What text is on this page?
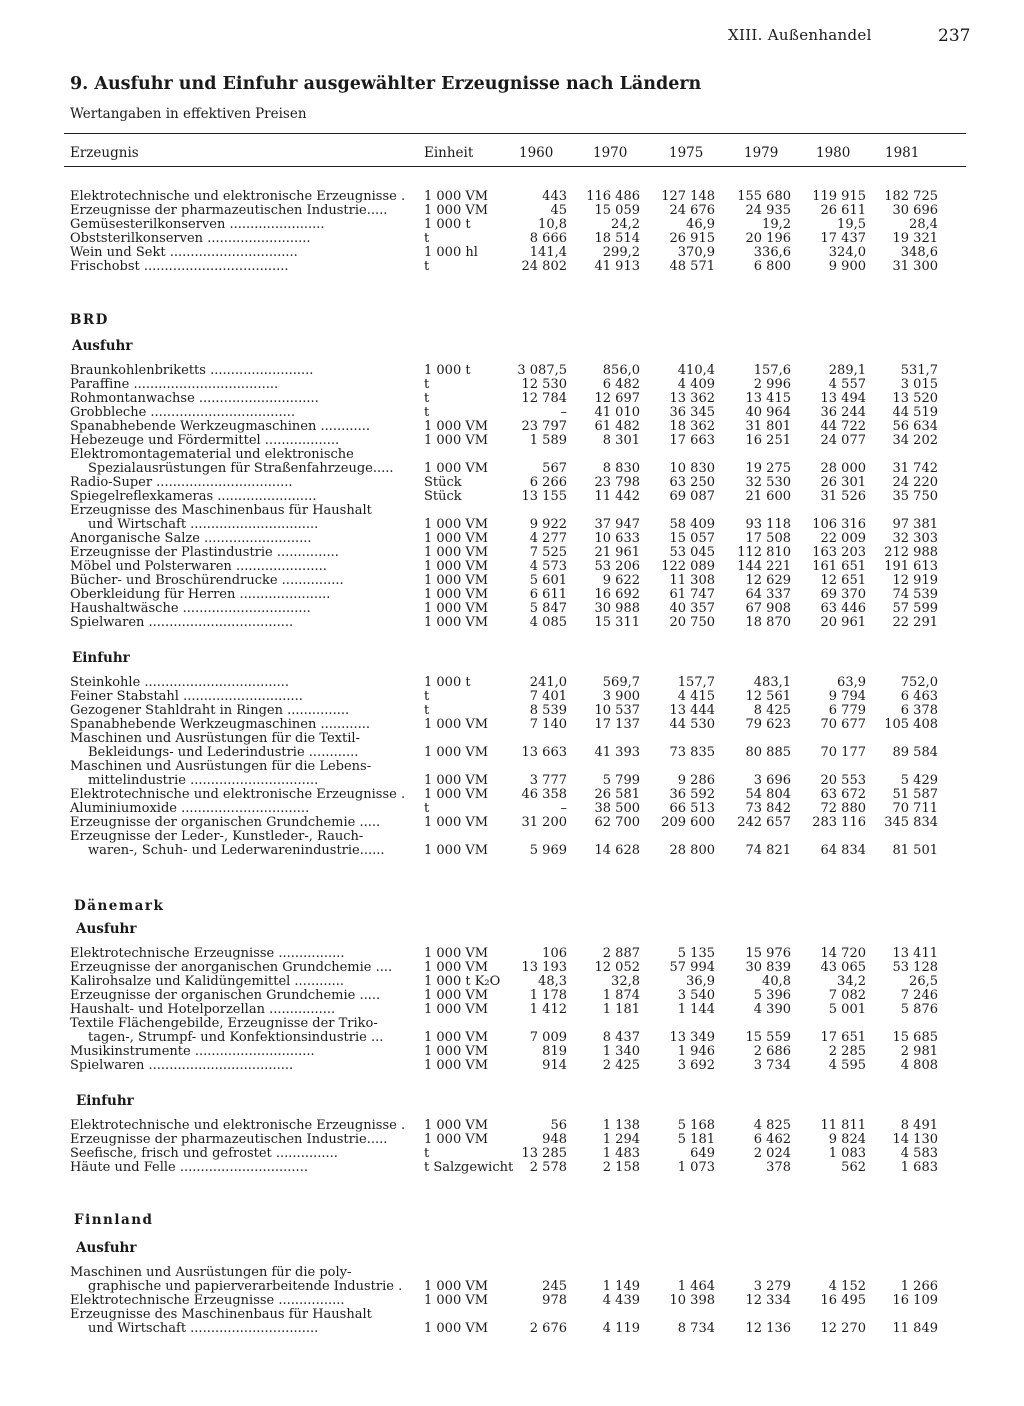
XIII. Außenhandel	237
9. Ausfuhr und Einfuhr ausgewählter Erzeugnisse nach Ländern
Wertangaben in effektiven Preisen
Erzeugnis	Einheit	1960	1970	1975	1979	1980	1981
Elektrotechnische und elektronische Erzeugnisse .	1 000 VM	443	116 486	127 148	155 680	119 915	182 725
Erzeugnisse der pharmazeutischen Industrie.....	1 000 VM	45	15 059	24 676	24 935	26 611	30 696
Gemüsesterilkonserven .......................	1 000 t	10,8	24,2	46,9	19,2	19,5	28,4
Obststerilkonserven .........................	t	8 666	18 514	26 915	20 196	17 437	19 321
Wein und Sekt ...............................	1 000 hl	141,4	299,2	370,9	336,6	324,0	348,6
Frischobst ...................................	t	24 802	41 913	48 571	6 800	9 900	31 300
BRD
Ausfuhr
Braunkohlenbriketts .........................	1 000 t	3 087,5	856,0	410,4	157,6	289,1	531,7
Paraffine ...................................	t	12 530	6 482	4 409	2 996	4 557	3 015
Rohmontanwachse .............................	t	12 784	12 697	13 362	13 415	13 494	13 520
Grobbleche ...................................	t	–	41 010	36 345	40 964	36 244	44 519
Spanabhebende Werkzeugmaschinen ............	1 000 VM	23 797	61 482	18 362	31 801	44 722	56 634
Hebezeuge und Fördermittel ..................	1 000 VM	1 589	8 301	17 663	16 251	24 077	34 202
Elektromontagematerial und elektronische
Spezialausrüstungen für Straßenfahrzeuge.....	1 000 VM	567	8 830	10 830	19 275	28 000	31 742
Radio-Super .................................	Stück	6 266	23 798	63 250	32 530	26 301	24 220
Spiegelreflexkameras ........................	Stück	13 155	11 442	69 087	21 600	31 526	35 750
Erzeugnisse des Maschinenbaus für Haushalt
und Wirtschaft ...............................	1 000 VM	9 922	37 947	58 409	93 118	106 316	97 381
Anorganische Salze ..........................	1 000 VM	4 277	10 633	15 057	17 508	22 009	32 303
Erzeugnisse der Plastindustrie ...............	1 000 VM	7 525	21 961	53 045	112 810	163 203	212 988
Möbel und Polsterwaren ......................	1 000 VM	4 573	53 206	122 089	144 221	161 651	191 613
Bücher- und Broschürendrucke ...............	1 000 VM	5 601	9 622	11 308	12 629	12 651	12 919
Oberkleidung für Herren ......................	1 000 VM	6 611	16 692	61 747	64 337	69 370	74 539
Haushaltwäsche ...............................	1 000 VM	5 847	30 988	40 357	67 908	63 446	57 599
Spielwaren ...................................	1 000 VM	4 085	15 311	20 750	18 870	20 961	22 291
Einfuhr
Steinkohle ...................................	1 000 t	241,0	569,7	157,7	483,1	63,9	752,0
Feiner Stabstahl .............................	t	7 401	3 900	4 415	12 561	9 794	6 463
Gezogener Stahldraht in Ringen ...............	t	8 539	10 537	13 444	8 425	6 779	6 378
Spanabhebende Werkzeugmaschinen ............	1 000 VM	7 140	17 137	44 530	79 623	70 677	105 408
Maschinen und Ausrüstungen für die Textil-
Bekleidungs- und Lederindustrie ............	1 000 VM	13 663	41 393	73 835	80 885	70 177	89 584
Maschinen und Ausrüstungen für die Lebens-
mittelindustrie ...............................	1 000 VM	3 777	5 799	9 286	3 696	20 553	5 429
Elektrotechnische und elektronische Erzeugnisse .	1 000 VM	46 358	26 581	36 592	54 804	63 672	51 587
Aluminiumoxide ...............................	t	–	38 500	66 513	73 842	72 880	70 711
Erzeugnisse der organischen Grundchemie .....	1 000 VM	31 200	62 700	209 600	242 657	283 116	345 834
Erzeugnisse der Leder-, Kunstleder-, Rauch-
waren-, Schuh- und Lederwarenindustrie......	1 000 VM	5 969	14 628	28 800	74 821	64 834	81 501
Dänemark
Ausfuhr
Elektrotechnische Erzeugnisse ................	1 000 VM	106	2 887	5 135	15 976	14 720	13 411
Erzeugnisse der anorganischen Grundchemie ....	1 000 VM	13 193	12 052	57 994	30 839	43 065	53 128
Kalirohsalze und Kalidüngemittel ............	1 000 t K₂O	48,3	32,8	36,9	40,8	34,2	26,5
Erzeugnisse der organischen Grundchemie .....	1 000 VM	1 178	1 874	3 540	5 396	7 082	7 246
Haushalt- und Hotelporzellan ................	1 000 VM	1 412	1 181	1 144	4 390	5 001	5 876
Textile Flächengebilde, Erzeugnisse der Triko-
tagen-, Strumpf- und Konfektionsindustrie ...	1 000 VM	7 009	8 437	13 349	15 559	17 651	15 685
Musikinstrumente .............................	1 000 VM	819	1 340	1 946	2 686	2 285	2 981
Spielwaren ...................................	1 000 VM	914	2 425	3 692	3 734	4 595	4 808
Einfuhr
Elektrotechnische und elektronische Erzeugnisse .	1 000 VM	56	1 138	5 168	4 825	11 811	8 491
Erzeugnisse der pharmazeutischen Industrie.....	1 000 VM	948	1 294	5 181	6 462	9 824	14 130
Seefische, frisch und gefrostet ...............	t	13 285	1 483	649	2 024	1 083	4 583
Häute und Felle ...............................	t Salzgewicht	2 578	2 158	1 073	378	562	1 683
Finnland
Ausfuhr
Maschinen und Ausrüstungen für die poly-
graphische und papierverarbeitende Industrie .	1 000 VM	245	1 149	1 464	3 279	4 152	1 266
Elektrotechnische Erzeugnisse ................	1 000 VM	978	4 439	10 398	12 334	16 495	16 109
Erzeugnisse des Maschinenbaus für Haushalt
und Wirtschaft ...............................	1 000 VM	2 676	4 119	8 734	12 136	12 270	11 849
